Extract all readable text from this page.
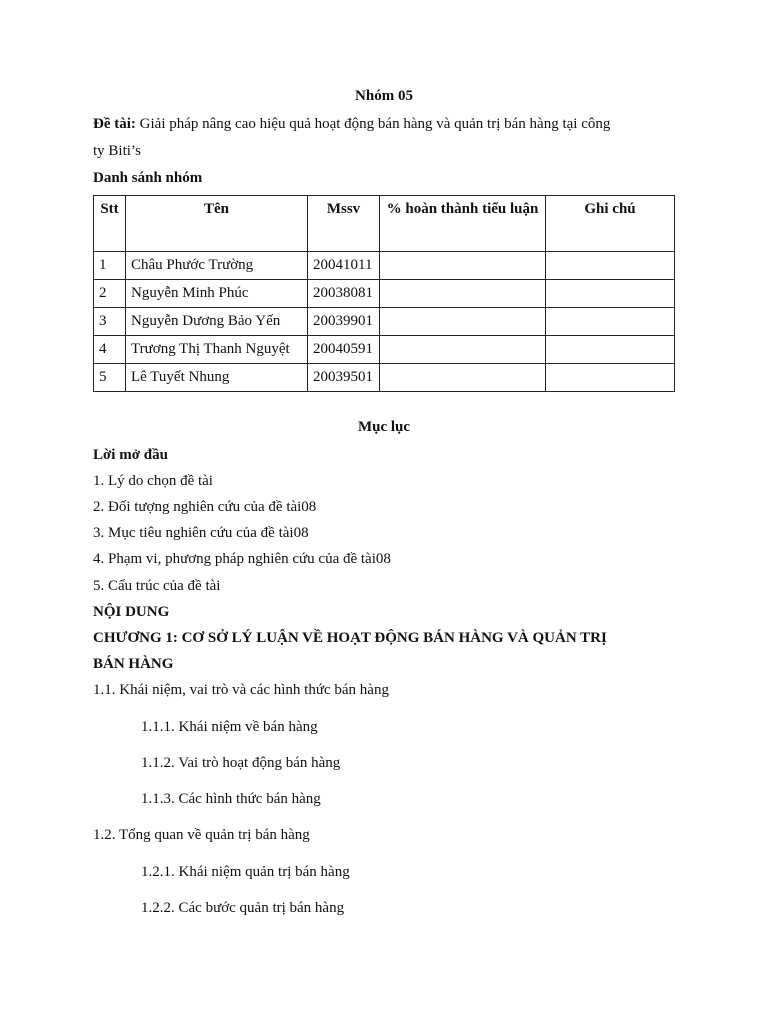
Nhóm 05
Đề tài: Giải pháp nâng cao hiệu quả hoạt động bán hàng và quản trị bán hàng tại công
ty Biti’s
Danh sánh nhóm
Stt	Tên	Mssv	% hoàn thành tiểu luận	Ghi chú
1	Châu Phước Trường	20041011		
2	Nguyễn Minh Phúc	20038081		
3	Nguyễn Dương Bảo Yến	20039901		
4	Trương Thị Thanh Nguyệt	20040591		
5	Lê Tuyết Nhung	20039501		
Mục lục
Lời mở đầu
1. Lý do chọn đề tài
2. Đối tượng nghiên cứu của đề tài08
3. Mục tiêu nghiên cứu của đề tài08
4. Phạm vi, phương pháp nghiên cứu của đề tài08
5. Cấu trúc của đề tài
NỘI DUNG
CHƯƠNG 1: CƠ SỞ LÝ LUẬN VỀ HOẠT ĐỘNG BÁN HÀNG VÀ QUẢN TRỊ
BÁN HÀNG
1.1. Khái niệm, vai trò và các hình thức bán hàng
1.1.1. Khái niệm về bán hàng
1.1.2. Vai trò hoạt động bán hàng
1.1.3. Các hình thức bán hàng
1.2. Tổng quan về quản trị bán hàng
1.2.1. Khái niệm quản trị bán hàng
1.2.2. Các bước quản trị bán hàng
